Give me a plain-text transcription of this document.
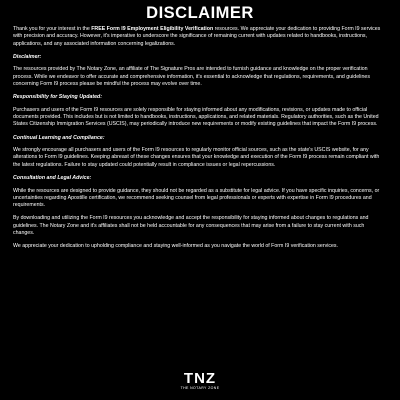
DISCLAIMER

Thank you for your interest in the FREE Form I9 Employment Eligibility Verification resources. We appreciate your dedication to providing Form I9 services with precision and accuracy. However, it's imperative to underscore the significance of remaining current with updates related to handbooks, instructions, applications, and any associated information concerning legalizations.

Disclaimer:

The resources provided by The Notary Zone, an affiliate of The Signature Pros are intended to furnish guidance and knowledge on the proper verification process. While we endeavor to offer accurate and comprehensive information, it's essential to acknowledge that regulations, requirements, and guidelines concerning Form I9 process please be mindful the process may evolve over time.

Responsibility for Staying Updated:

Purchasers and users of the Form I9 resources are solely responsible for staying informed about any modifications, revisions, or updates made to official documents provided. This includes but is not limited to handbooks, instructions, applications, and related materials. Regulatory authorities, such as the United States Citizenship Immigration Services (USCIS), may periodically introduce new requirements or modify existing guidelines that impact the Form I9 process.

Continual Learning and Compliance:

We strongly encourage all purchasers and users of the Form I9 resources to regularly monitor official sources, such as the state's USCIS website, for any alterations to Form I9 guidelines. Keeping abreast of these changes ensures that your knowledge and execution of the Form I9 process remain compliant with the latest regulations. Failure to stay updated could potentially result in compliance issues or legal repercussions.

Consultation and Legal Advice:

While the resources are designed to provide guidance, they should not be regarded as a substitute for legal advice. If you have specific inquiries, concerns, or uncertainties regarding Apostille certification, we recommend seeking counsel from legal professionals or experts with expertise in Form I9 procedures and requirements.

By downloading and utilizing the Form I9 resources you acknowledge and accept the responsibility for staying informed about changes to regulations and guidelines. The Notary Zone and it's affiliates shall not be held accountable for any consequences that may arise from a failure to stay current with such changes.

We appreciate your dedication to upholding compliance and staying well-informed as you navigate the world of Form I9 verification services.

TNZ
THE NOTARY ZONE
